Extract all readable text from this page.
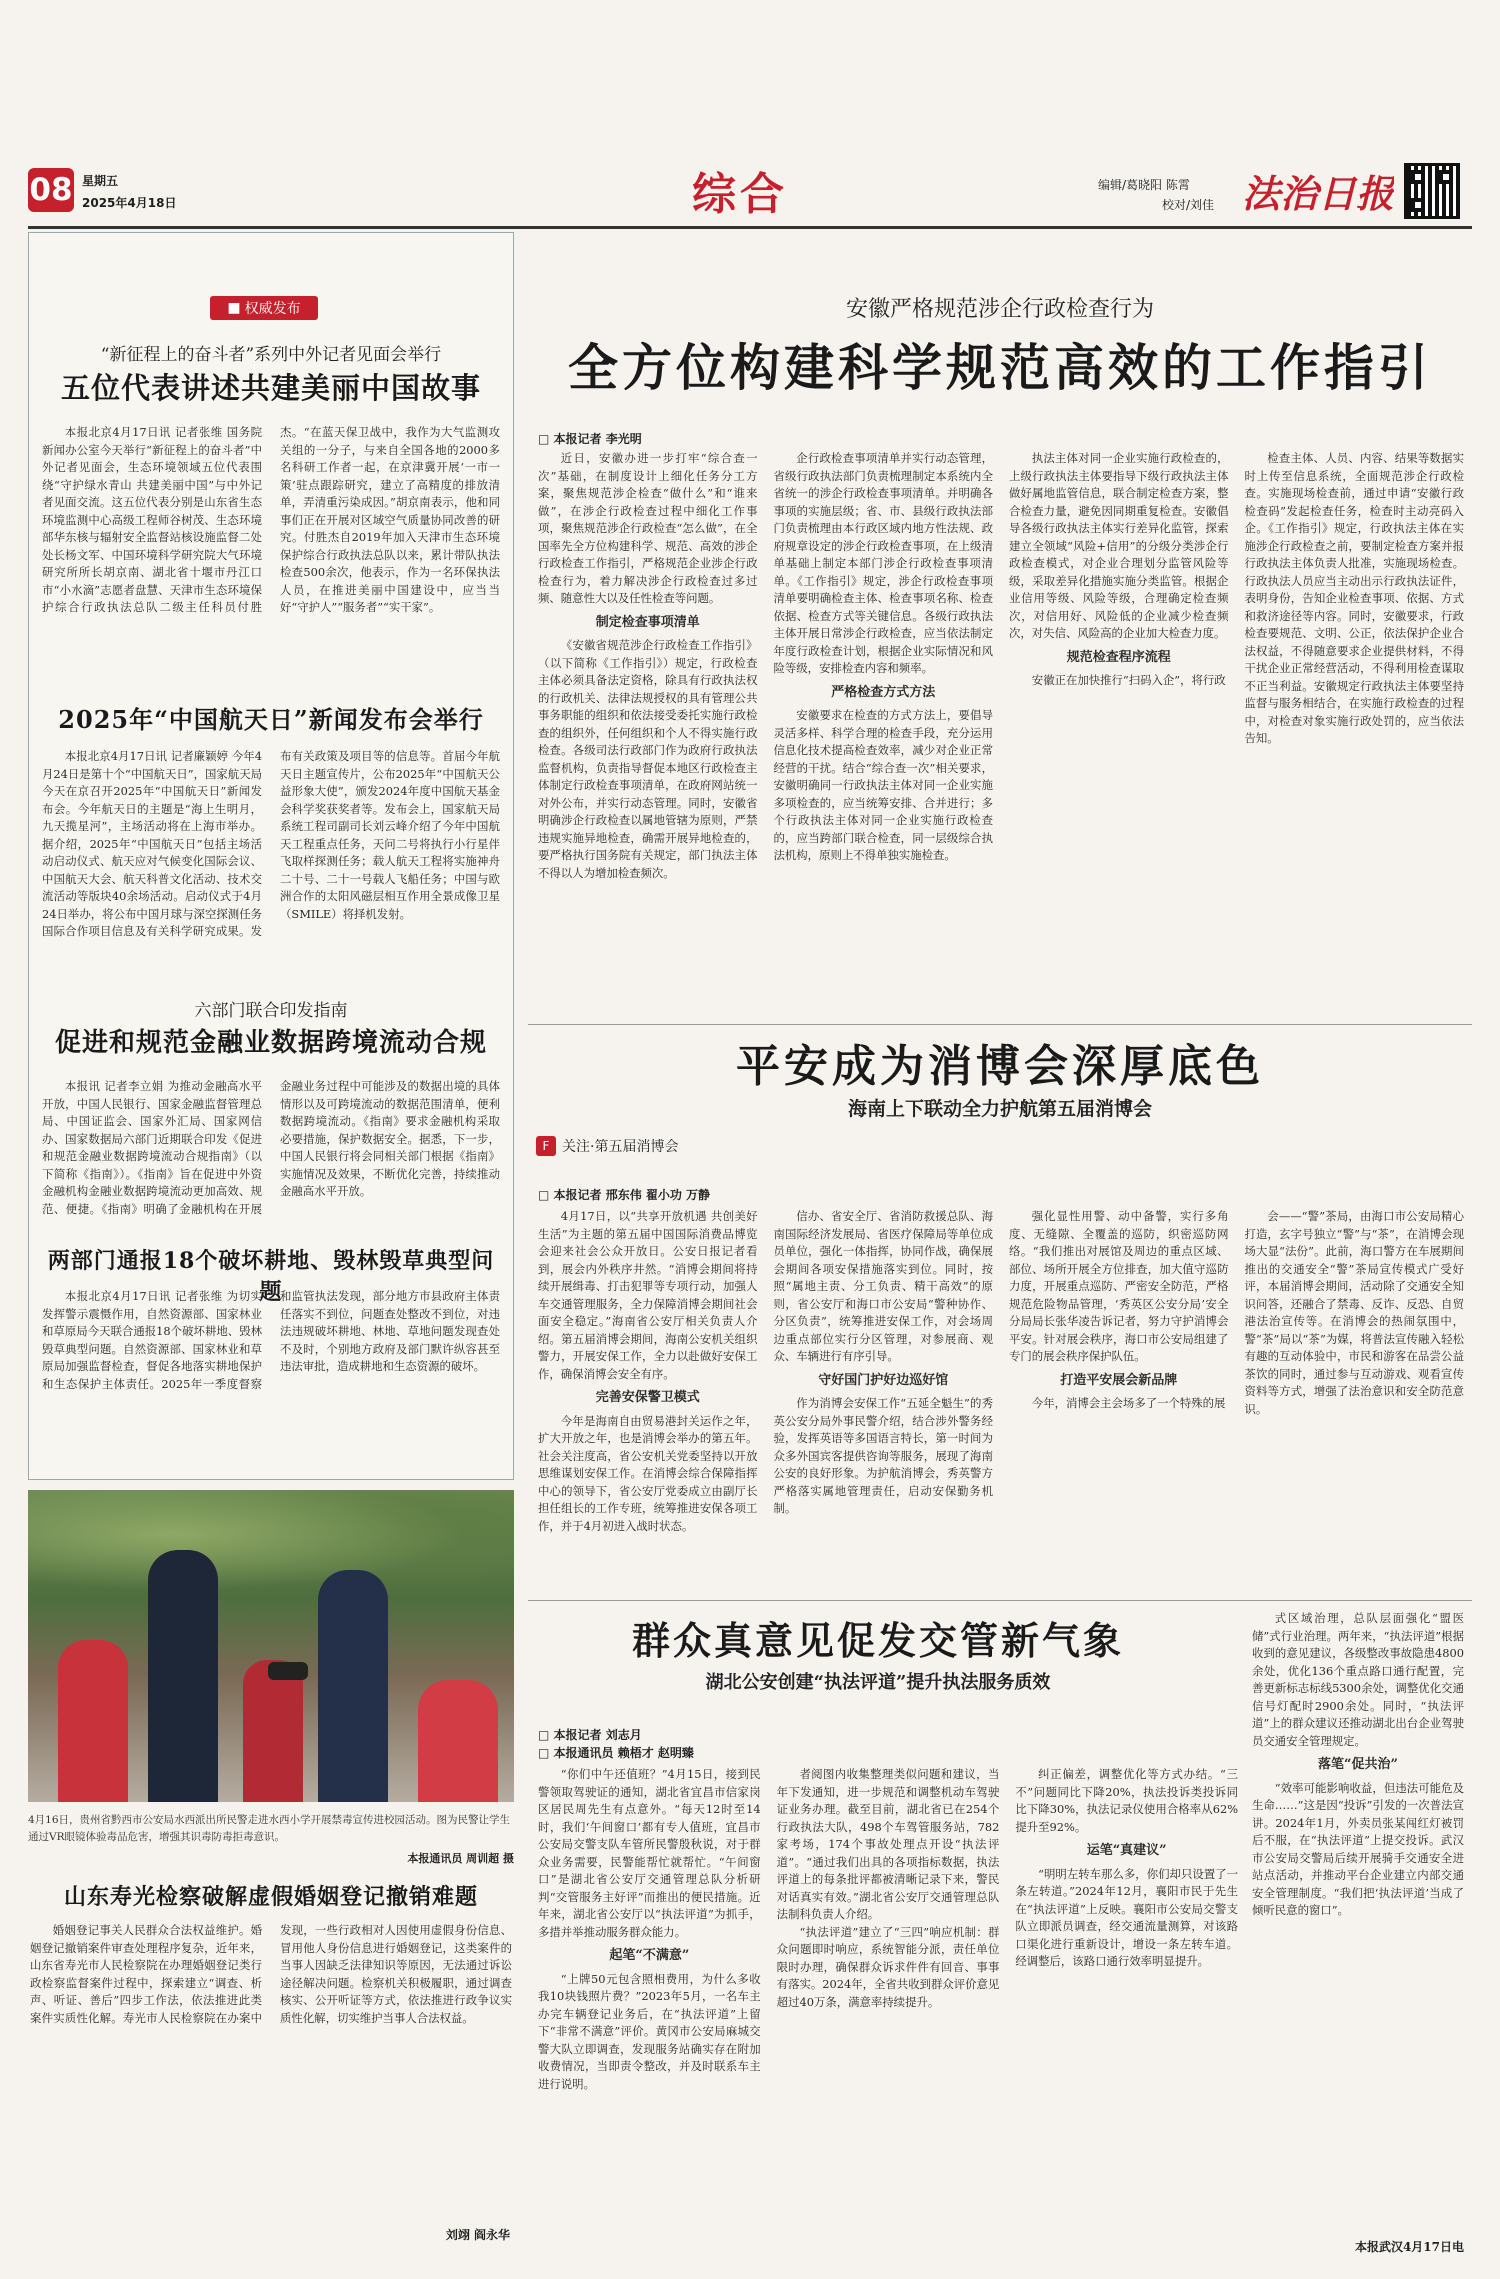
08 星期五
2025年4月18日	综合	编辑/葛晓阳 陈霄
校对/刘佳 法治日报
■ 权威发布
“新征程上的奋斗者”系列中外记者见面会举行
五位代表讲述共建美丽中国故事

本报北京4月17日讯 记者张维 国务院新闻办公室今天举行“新征程上的奋斗者”中外记者见面会，生态环境领域五位代表围绕“守护绿水青山 共建美丽中国”与中外记者见面交流。这五位代表分别是山东省生态环境监测中心高级工程师谷树茂、生态环境部华东核与辐射安全监督站核设施监督二处处长杨文军、中国环境科学研究院大气环境研究所所长胡京南、湖北省十堰市丹江口市“小水滴”志愿者盘慧、天津市生态环境保护综合行政执法总队二级主任科员付胜杰。“在蓝天保卫战中，我作为大气监测攻关组的一分子，与来自全国各地的2000多名科研工作者一起，在京津冀开展‘一市一策’驻点跟踪研究，建立了高精度的排放清单，弄清重污染成因。”胡京南表示，他和同事们正在开展对区域空气质量协同改善的研究。付胜杰自2019年加入天津市生态环境保护综合行政执法总队以来，累计带队执法检查500余次，他表示，作为一名环保执法人员，在推进美丽中国建设中，应当当好“守护人”“服务者”“实干家”。

2025年“中国航天日”新闻发布会举行

本报北京4月17日讯 记者廉颖婷 今年4月24日是第十个“中国航天日”，国家航天局今天在京召开2025年“中国航天日”新闻发布会。今年航天日的主题是“海上生明月，九天揽星河”，主场活动将在上海市举办。据介绍，2025年“中国航天日”包括主场活动启动仪式、航天应对气候变化国际会议、中国航天大会、航天科普文化活动、技术交流活动等版块40余场活动。启动仪式于4月24日举办，将公布中国月球与深空探测任务国际合作项目信息及有关科学研究成果。发布有关政策及项目等的信息等。首届今年航天日主题宣传片，公布2025年“中国航天公益形象大使”，颁发2024年度中国航天基金会科学奖获奖者等。发布会上，国家航天局系统工程司副司长刘云峰介绍了今年中国航天工程重点任务，天问二号将执行小行星伴飞取样探测任务；载人航天工程将实施神舟二十号、二十一号载人飞船任务；中国与欧洲合作的太阳风磁层相互作用全景成像卫星（SMILE）将择机发射。

六部门联合印发指南
促进和规范金融业数据跨境流动合规

本报讯 记者李立娟 为推动金融高水平开放，中国人民银行、国家金融监督管理总局、中国证监会、国家外汇局、国家网信办、国家数据局六部门近期联合印发《促进和规范金融业数据跨境流动合规指南》（以下简称《指南》）。《指南》旨在促进中外资金融机构金融业数据跨境流动更加高效、规范、便捷。《指南》明确了金融机构在开展金融业务过程中可能涉及的数据出境的具体情形以及可跨境流动的数据范围清单，便利数据跨境流动。《指南》要求金融机构采取必要措施，保护数据安全。据悉，下一步，中国人民银行将会同相关部门根据《指南》实施情况及效果，不断优化完善，持续推动金融高水平开放。

两部门通报18个破坏耕地、毁林毁草典型问题

本报北京4月17日讯 记者张维 为切实发挥警示震慑作用，自然资源部、国家林业和草原局今天联合通报18个破坏耕地、毁林毁草典型问题。自然资源部、国家林业和草原局加强监督检查，督促各地落实耕地保护和生态保护主体责任。2025年一季度督察和监管执法发现，部分地方市县政府主体责任落实不到位，问题查处整改不到位，对违法违规破坏耕地、林地、草地问题发现查处不及时，个别地方政府及部门默许纵容甚至违法审批，造成耕地和生态资源的破坏。

4月16日，贵州省黔西市公安局水西派出所民警走进水西小学开展禁毒宣传进校园活动。图为民警让学生通过VR眼镜体验毒品危害，增强其识毒防毒拒毒意识。
本报通讯员 周训超 摄
山东寿光检察破解虚假婚姻登记撤销难题

婚姻登记事关人民群众合法权益维护。婚姻登记撤销案件审查处理程序复杂，近年来，山东省寿光市人民检察院在办理婚姻登记类行政检察监督案件过程中，探索建立“调查、析声、听证、善后”四步工作法，依法推进此类案件实质性化解。寿光市人民检察院在办案中发现，一些行政相对人因使用虚假身份信息、冒用他人身份信息进行婚姻登记，这类案件的当事人因缺乏法律知识等原因，无法通过诉讼途径解决问题。检察机关积极履职，通过调查核实、公开听证等方式，依法推进行政争议实质性化解，切实维护当事人合法权益。

刘翊 阎永华
安徽严格规范涉企行政检查行为
全方位构建科学规范高效的工作指引
□ 本报记者 李光明

近日，安徽办进一步打牢“综合查一次”基础，在制度设计上细化任务分工方案，聚焦规范涉企检查“做什么”和“谁来做”，在涉企行政检查过程中细化工作事项，聚焦规范涉企行政检查“怎么做”，在全国率先全方位构建科学、规范、高效的涉企行政检查工作指引，严格规范企业涉企行政检查行为，着力解决涉企行政检查过多过频、随意性大以及任性检查等问题。

制定检查事项清单

《安徽省规范涉企行政检查工作指引》（以下简称《工作指引》）规定，行政检查主体必须具备法定资格，除具有行政执法权的行政机关、法律法规授权的具有管理公共事务职能的组织和依法接受委托实施行政检查的组织外，任何组织和个人不得实施行政检查。各级司法行政部门作为政府行政执法监督机构，负责指导督促本地区行政检查主体制定行政检查事项清单，在政府网站统一对外公布，并实行动态管理。同时，安徽省明确涉企行政检查以属地管辖为原则，严禁违规实施异地检查，确需开展异地检查的，要严格执行国务院有关规定，部门执法主体不得以人为增加检查频次。

企行政检查事项清单并实行动态管理，省级行政执法部门负责梳理制定本系统内全省统一的涉企行政检查事项清单。并明确各事项的实施层级；省、市、县级行政执法部门负责梳理由本行政区域内地方性法规、政府规章设定的涉企行政检查事项，在上级清单基础上制定本部门涉企行政检查事项清单。《工作指引》规定，涉企行政检查事项清单要明确检查主体、检查事项名称、检查依据、检查方式等关键信息。各级行政执法主体开展日常涉企行政检查，应当依法制定年度行政检查计划，根据企业实际情况和风险等级，安排检查内容和频率。

严格检查方式方法

安徽要求在检查的方式方法上，要倡导灵活多样、科学合理的检查手段，充分运用信息化技术提高检查效率，减少对企业正常经营的干扰。结合“综合查一次”相关要求，安徽明确同一行政执法主体对同一企业实施多项检查的，应当统筹安排、合并进行；多个行政执法主体对同一企业实施行政检查的，应当跨部门联合检查，同一层级综合执法机构，原则上不得单独实施检查。

执法主体对同一企业实施行政检查的，上级行政执法主体要指导下级行政执法主体做好属地监管信息，联合制定检查方案，整合检查力量，避免因同期重复检查。安徽倡导各级行政执法主体实行差异化监管，探索建立全领域“风险+信用”的分级分类涉企行政检查模式，对企业合理划分监管风险等级，采取差异化措施实施分类监管。根据企业信用等级、风险等级，合理确定检查频次，对信用好、风险低的企业减少检查频次，对失信、风险高的企业加大检查力度。

规范检查程序流程

安徽正在加快推行“扫码入企”，将行政

检查主体、人员、内容、结果等数据实时上传至信息系统，全面规范涉企行政检查。实施现场检查前，通过申请“安徽行政检查码”发起检查任务，检查时主动亮码入企。《工作指引》规定，行政执法主体在实施涉企行政检查之前，要制定检查方案并报行政执法主体负责人批准，实施现场检查。行政执法人员应当主动出示行政执法证件，表明身份，告知企业检查事项、依据、方式和救济途径等内容。同时，安徽要求，行政检查要规范、文明、公正，依法保护企业合法权益，不得随意要求企业提供材料，不得干扰企业正常经营活动，不得利用检查谋取不正当利益。安徽规定行政执法主体要坚持监督与服务相结合，在实施行政检查的过程中，对检查对象实施行政处罚的，应当依法告知。

平安成为消博会深厚底色
海南上下联动全力护航第五届消博会
F 关注·第五届消博会
□ 本报记者 邢东伟 翟小功 万静

4月17日，以“共享开放机遇 共创美好生活”为主题的第五届中国国际消费品博览会迎来社会公众开放日。公安日报记者看到，展会内外秩序井然。“消博会期间将持续开展缉毒、打击犯罪等专项行动，加强人车交通管理服务，全力保障消博会期间社会面安全稳定。”海南省公安厅相关负责人介绍。第五届消博会期间，海南公安机关组织警力，开展安保工作，全力以赴做好安保工作，确保消博会安全有序。

完善安保警卫模式

今年是海南自由贸易港封关运作之年，扩大开放之年，也是消博会举办的第五年。社会关注度高，省公安机关党委坚持以开放思维谋划安保工作。在消博会综合保障指挥中心的领导下，省公安厅党委成立由副厅长担任组长的工作专班，统筹推进安保各项工作，并于4月初进入战时状态。

信办、省安全厅、省消防救援总队、海南国际经济发展局、省医疗保障局等单位成员单位，强化一体指挥，协同作战，确保展会期间各项安保措施落实到位。同时，按照“属地主责、分工负责、精干高效”的原则，省公安厅和海口市公安局“警种协作、分区负责”，统筹推进安保工作，对会场周边重点部位实行分区管理，对参展商、观众、车辆进行有序引导。

守好国门护好边巡好馆

作为消博会安保工作“五延全魁生”的秀英公安分局外事民警介绍，结合涉外警务经验，发挥英语等多国语言特长，第一时间为众多外国宾客提供咨询等服务，展现了海南公安的良好形象。为护航消博会，秀英警方严格落实属地管理责任，启动安保勤务机制。

强化显性用警、动中备警，实行多角度、无缝隙、全覆盖的巡防，织密巡防网络。“我们推出对展馆及周边的重点区域、部位、场所开展全方位排查，加大值守巡防力度，开展重点巡防、严密安全防范，严格规范危险物品管理，‘秀英区公安分局’安全分局局长张华凌告诉记者，努力守护消博会平安。针对展会秩序，海口市公安局组建了专门的展会秩序保护队伍。

打造平安展会新品牌

今年，消博会主会场多了一个特殊的展

会——“警”茶局，由海口市公安局精心打造，玄字号独立“警”与“茶”，在消博会现场大显“法份”。此前，海口警方在车展期间推出的交通安全“警”茶局宣传模式广受好评，本届消博会期间，活动除了交通安全知识问答，还融合了禁毒、反诈、反恐、自贸港法治宣传等。在消博会的热闹氛围中，警“茶”局以“茶”为媒，将普法宣传融入轻松有趣的互动体验中，市民和游客在品尝公益茶饮的同时，通过参与互动游戏、观看宣传资料等方式，增强了法治意识和安全防范意识。

群众真意见促发交管新气象
湖北公安创建“执法评道”提升执法服务质效
□ 本报记者 刘志月
□ 本报通讯员 赖梧才 赵明臻

“你们中午还值班？”4月15日，接到民警领取驾驶证的通知，湖北省宜昌市信家岗区居民周先生有点意外。“每天12时至14时，我们‘午间窗口’都有专人值班，宜昌市公安局交警支队车管所民警殷秋说，对于群众业务需要，民警能帮忙就帮忙。“午间窗口”是湖北省公安厅交通管理总队分析研判“交管服务主好评”而推出的便民措施。近年来，湖北省公安厅以“执法评道”为抓手，多措并举推动服务群众能力。

起笔“不满意”

“上牌50元包含照相费用，为什么多收我10块钱照片费？”2023年5月，一名车主办完车辆登记业务后，在“执法评道”上留下“非常不满意”评价。黄冈市公安局麻城交警大队立即调查，发现服务站确实存在附加收费情况，当即责令整改，并及时联系车主进行说明。

者阅图内收集整理类似问题和建议，当年下发通知，进一步规范和调整机动车驾驶证业务办理。截至目前，湖北省已在254个行政执法大队，498个车驾管服务站，782家考场，174个事故处理点开设“执法评道”。“通过我们出具的各项指标数据，执法评道上的每条批评都被清晰记录下来，警民对话真实有效。”湖北省公安厅交通管理总队法制科负责人介绍。

“执法评道”建立了“三四”响应机制：群众问题即时响应，系统智能分派，责任单位限时办理，确保群众诉求件件有回音、事事有落实。2024年，全省共收到群众评价意见超过40万条，满意率持续提升。

纠正偏差，调整优化等方式办结。“三不”问题同比下降20%，执法投诉类投诉同比下降30%，执法记录仪使用合格率从62%提升至92%。

运笔“真建议”

“明明左转车那么多，你们却只设置了一条左转道。”2024年12月，襄阳市民于先生在“执法评道”上反映。襄阳市公安局交警支队立即派员调查，经交通流量测算，对该路口渠化进行重新设计，增设一条左转车道。经调整后，该路口通行效率明显提升。

式区域治理，总队层面强化“盟医储”式行业治理。两年来，“执法评道”根据收到的意见建议，各级整改事故隐患4800余处，优化136个重点路口通行配置，完善更新标志标线5300余处，调整优化交通信号灯配时2900余处。同时，“执法评道”上的群众建议还推动湖北出台企业驾驶员交通安全管理规定。

落笔“促共治”

“效率可能影响收益，但违法可能危及生命……”这是因“投诉”引发的一次普法宣讲。2024年1月，外卖员张某闯红灯被罚后不服，在“执法评道”上提交投诉。武汉市公安局交警局后续开展骑手交通安全进站点活动，并推动平台企业建立内部交通安全管理制度。“我们把‘执法评道’当成了倾听民意的窗口”。

本报武汉4月17日电
